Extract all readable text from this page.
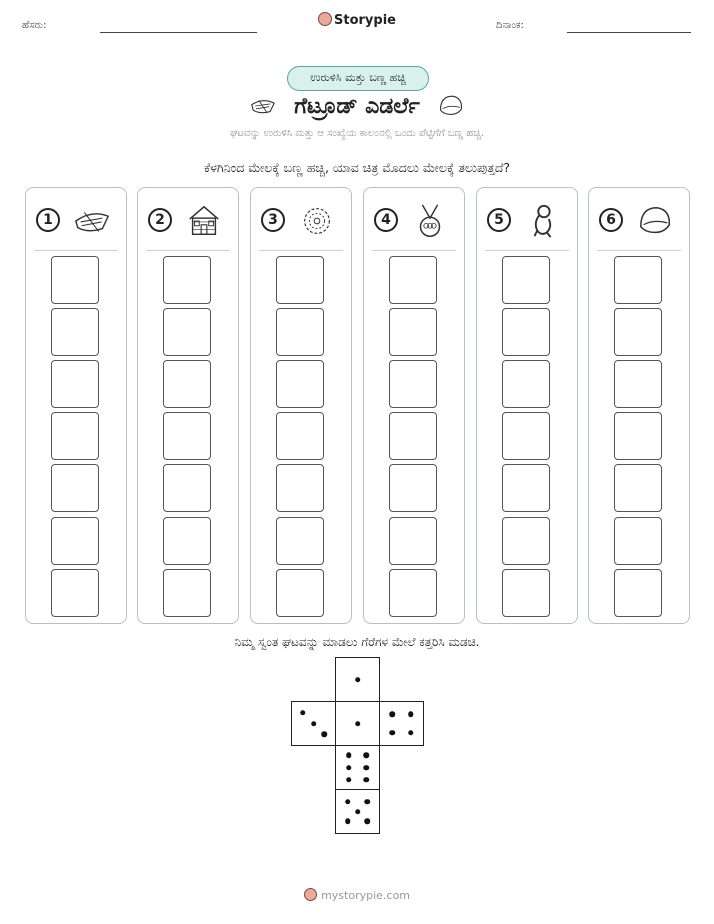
ಹೆಸರು:	Storypie	ದಿನಾಂಕ:
ಉರುಳಿಸಿ ಮತ್ತು ಬಣ್ಣ ಹಚ್ಚಿ
ಗೆಟ್ರೂಡ್ ಎಡರ್ಲೆ
ಘಟವನ್ನು ಉರುಳಿಸಿ ಮತ್ತು ಆ ಸಂಖ್ಯೆಯ ಕಾಲಂನಲ್ಲಿ ಒಂದು ಪೆಟ್ಟಿಗೆಗೆ ಬಣ್ಣ ಹಚ್ಚಿ.
ಕೆಳಗಿನಿಂದ ಮೇಲಕ್ಕೆ ಬಣ್ಣ ಹಚ್ಚಿ, ಯಾವ ಚಿತ್ರ ಮೊದಲು ಮೇಲಕ್ಕೆ ತಲುಪುತ್ತದೆ?
1	2	3	4	5	6
ನಿಮ್ಮ ಸ್ವಂತ ಘಟವನ್ನು ಮಾಡಲು ಗೆರೆಗಳ ಮೇಲೆ ಕತ್ತರಿಸಿ ಮಡಚಿ.
mystorypie.com
